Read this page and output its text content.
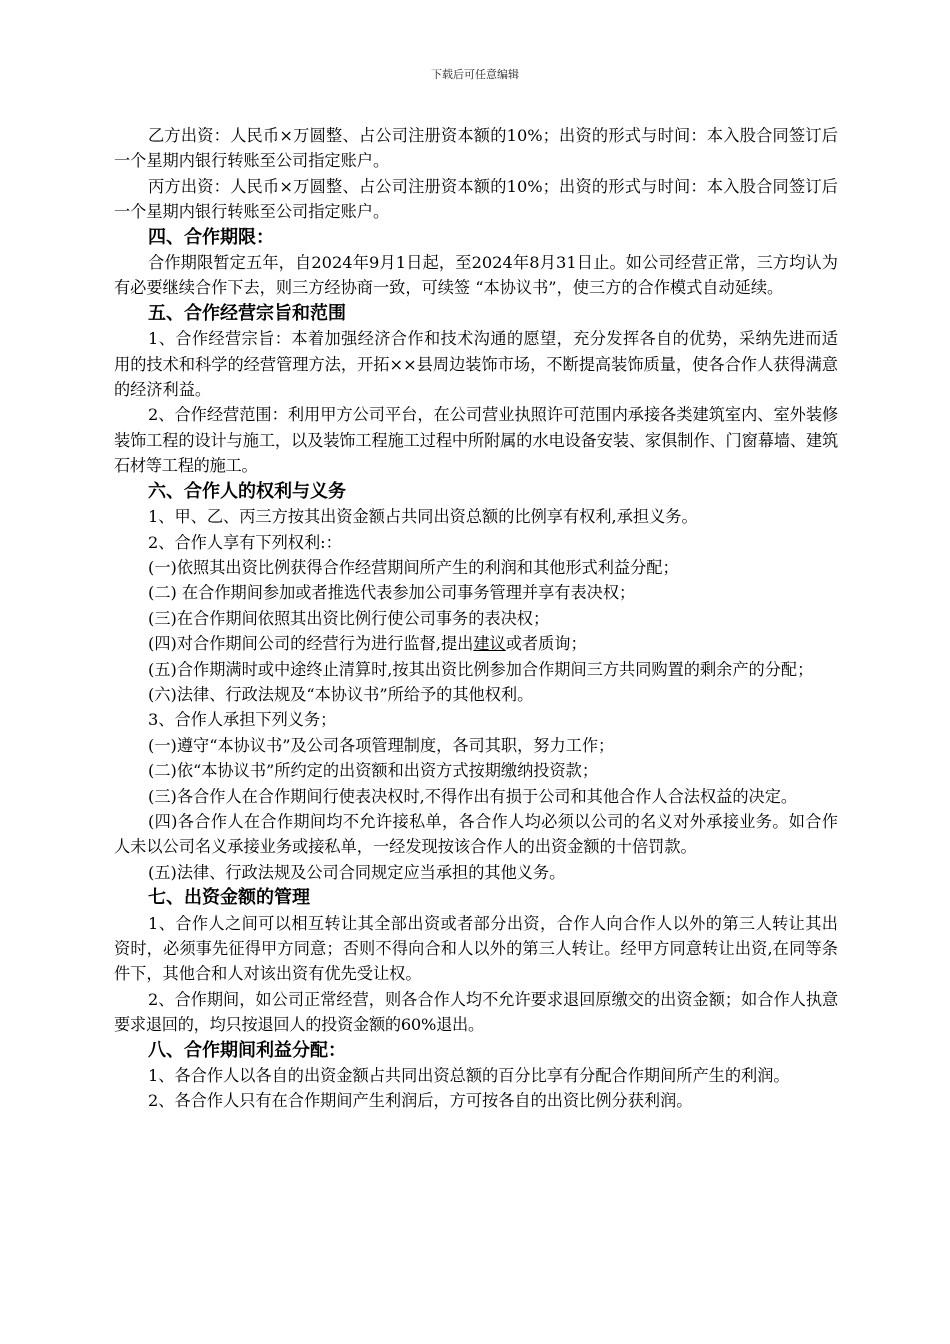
下载后可任意编辑

乙方出资：人民币×万圆整、占公司注册资本额的10%；出资的形式与时间：本入股合同签订后一个星期内银行转账至公司指定账户。

丙方出资：人民币×万圆整、占公司注册资本额的10%；出资的形式与时间：本入股合同签订后一个星期内银行转账至公司指定账户。

四、合作期限：

合作期限暂定五年，自2024年9月1日起，至2024年8月31日止。如公司经营正常，三方均认为有必要继续合作下去，则三方经协商一致，可续签 “本协议书”，使三方的合作模式自动延续。

五、合作经营宗旨和范围

1、合作经营宗旨：本着加强经济合作和技术沟通的愿望，充分发挥各自的优势，采纳先进而适用的技术和科学的经营管理方法，开拓××县周边装饰市场，不断提高装饰质量，使各合作人获得满意的经济利益。

2、合作经营范围：利用甲方公司平台，在公司营业执照许可范围内承接各类建筑室内、室外装修装饰工程的设计与施工，以及装饰工程施工过程中所附属的水电设备安装、家俱制作、门窗幕墙、建筑石材等工程的施工。

六、合作人的权利与义务

1、甲、乙、丙三方按其出资金额占共同出资总额的比例享有权利,承担义务。

2、合作人享有下列权利:：

(一)依照其出资比例获得合作经营期间所产生的利润和其他形式利益分配；

(二) 在合作期间参加或者推选代表参加公司事务管理并享有表决权；

(三)在合作期间依照其出资比例行使公司事务的表决权；

(四)对合作期间公司的经营行为进行监督,提出建议或者质询；

(五)合作期满时或中途终止清算时,按其出资比例参加合作期间三方共同购置的剩余产的分配；

(六)法律、行政法规及“本协议书”所给予的其他权利。

3、合作人承担下列义务；

(一)遵守“本协议书”及公司各项管理制度，各司其职，努力工作；

(二)依“本协议书”所约定的出资额和出资方式按期缴纳投资款；

(三)各合作人在合作期间行使表决权时,不得作出有损于公司和其他合作人合法权益的决定。

(四)各合作人在合作期间均不允许接私单，各合作人均必须以公司的名义对外承接业务。如合作人未以公司名义承接业务或接私单，一经发现按该合作人的出资金额的十倍罚款。

(五)法律、行政法规及公司合同规定应当承担的其他义务。

七、出资金额的管理

1、合作人之间可以相互转让其全部出资或者部分出资，合作人向合作人以外的第三人转让其出资时，必须事先征得甲方同意；否则不得向合和人以外的第三人转让。经甲方同意转让出资,在同等条件下，其他合和人对该出资有优先受让权。

2、合作期间，如公司正常经营，则各合作人均不允许要求退回原缴交的出资金额；如合作人执意要求退回的，均只按退回人的投资金额的60%退出。

八、合作期间利益分配：

1、各合作人以各自的出资金额占共同出资总额的百分比享有分配合作期间所产生的利润。

2、各合作人只有在合作期间产生利润后，方可按各自的出资比例分获利润。
